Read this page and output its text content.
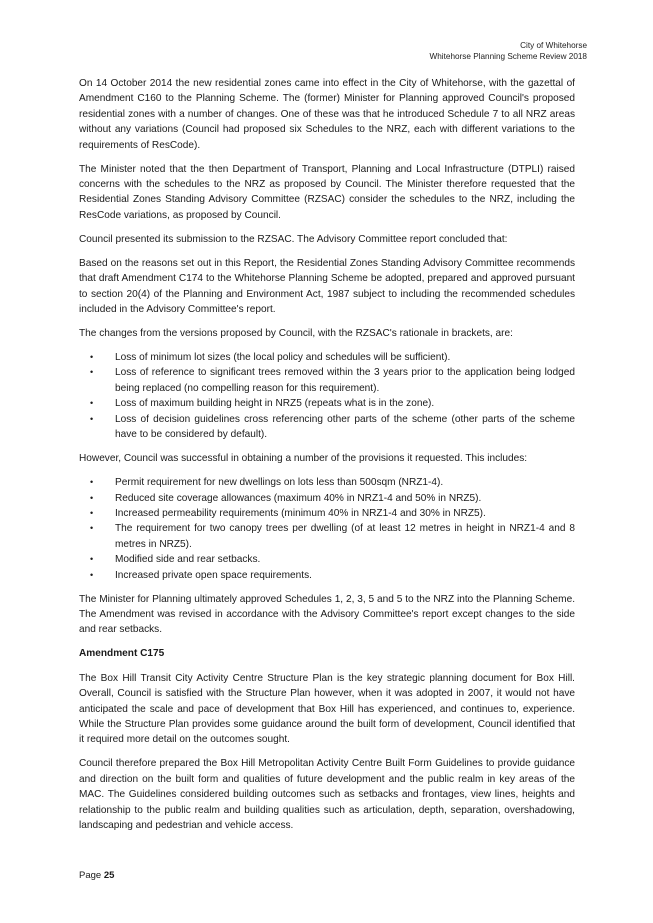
City of Whitehorse
Whitehorse Planning Scheme Review 2018

On 14 October 2014 the new residential zones came into effect in the City of Whitehorse, with the gazettal of Amendment C160 to the Planning Scheme. The (former) Minister for Planning approved Council's proposed residential zones with a number of changes. One of these was that he introduced Schedule 7 to all NRZ areas without any variations (Council had proposed six Schedules to the NRZ, each with different variations to the requirements of ResCode).

The Minister noted that the then Department of Transport, Planning and Local Infrastructure (DTPLI) raised concerns with the schedules to the NRZ as proposed by Council. The Minister therefore requested that the Residential Zones Standing Advisory Committee (RZSAC) consider the schedules to the NRZ, including the ResCode variations, as proposed by Council.

Council presented its submission to the RZSAC. The Advisory Committee report concluded that:

Based on the reasons set out in this Report, the Residential Zones Standing Advisory Committee recommends that draft Amendment C174 to the Whitehorse Planning Scheme be adopted, prepared and approved pursuant to section 20(4) of the Planning and Environment Act, 1987 subject to including the recommended schedules included in the Advisory Committee's report.

The changes from the versions proposed by Council, with the RZSAC's rationale in brackets, are:

• Loss of minimum lot sizes (the local policy and schedules will be sufficient).
• Loss of reference to significant trees removed within the 3 years prior to the application being lodged being replaced (no compelling reason for this requirement).
• Loss of maximum building height in NRZ5 (repeats what is in the zone).
• Loss of decision guidelines cross referencing other parts of the scheme (other parts of the scheme have to be considered by default).

However, Council was successful in obtaining a number of the provisions it requested. This includes:

• Permit requirement for new dwellings on lots less than 500sqm (NRZ1-4).
• Reduced site coverage allowances (maximum 40% in NRZ1-4 and 50% in NRZ5).
• Increased permeability requirements (minimum 40% in NRZ1-4 and 30% in NRZ5).
• The requirement for two canopy trees per dwelling (of at least 12 metres in height in NRZ1-4 and 8 metres in NRZ5).
• Modified side and rear setbacks.
• Increased private open space requirements.

The Minister for Planning ultimately approved Schedules 1, 2, 3, 5 and 5 to the NRZ into the Planning Scheme. The Amendment was revised in accordance with the Advisory Committee's report except changes to the side and rear setbacks.

Amendment C175

The Box Hill Transit City Activity Centre Structure Plan is the key strategic planning document for Box Hill. Overall, Council is satisfied with the Structure Plan however, when it was adopted in 2007, it would not have anticipated the scale and pace of development that Box Hill has experienced, and continues to, experience. While the Structure Plan provides some guidance around the built form of development, Council identified that it required more detail on the outcomes sought.

Council therefore prepared the Box Hill Metropolitan Activity Centre Built Form Guidelines to provide guidance and direction on the built form and qualities of future development and the public realm in key areas of the MAC. The Guidelines considered building outcomes such as setbacks and frontages, view lines, heights and relationship to the public realm and building qualities such as articulation, depth, separation, overshadowing, landscaping and pedestrian and vehicle access.

Page 25
